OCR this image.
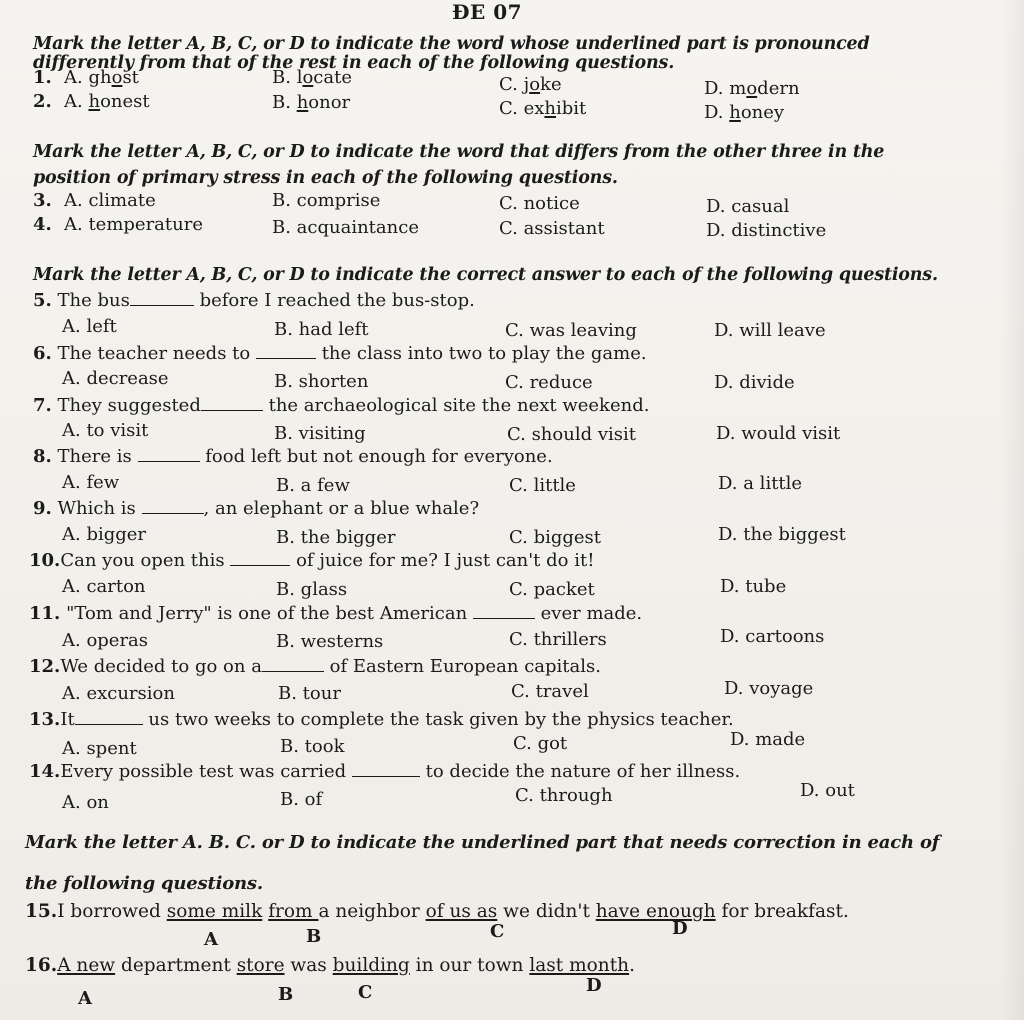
ĐE 07
Mark the letter A, B, C, or D to indicate the word whose underlined part is pronounced
differently from that of the rest in each of the following questions.
1. A. ghost	B. locate	C. joke	D. modern
2. A. honest	B. honor	C. exhibit	D. honey
Mark the letter A, B, C, or D to indicate the word that differs from the other three in the
position of primary stress in each of the following questions.
3. A. climate	B. comprise	C. notice	D. casual
4. A. temperature	B. acquaintance	C. assistant	D. distinctive
Mark the letter A, B, C, or D to indicate the correct answer to each of the following questions.
5. The bus	before I reached the bus-stop.
A. left	B. had left	C. was leaving	D. will leave
6. The teacher needs to	the class into two to play the game.
A. decrease	B. shorten	C. reduce	D. divide
7. They suggested	the archaeological site the next weekend.
A. to visit	B. visiting	C. should visit	D. would visit
8. There is	food left but not enough for everyone.
A. few	B. a few	C. little	D. a little
9. Which is	, an elephant or a blue whale?
A. bigger	B. the bigger	C. biggest	D. the biggest
10.Can you open this	of juice for me? I just can't do it!
A. carton	B. glass	C. packet	D. tube
11. "Tom and Jerry" is one of the best American	ever made.
A. operas	B. westerns	C. thrillers	D. cartoons
12.We decided to go on a	of Eastern European capitals.
A. excursion	B. tour	C. travel	D. voyage
13.It	us two weeks to complete the task given by the physics teacher.
A. spent	B. took	C. got	D. made
14.Every possible test was carried	to decide the nature of her illness.
A. on	B. of	C. through	D. out
Mark the letter A. B. C. or D to indicate the underlined part that needs correction in each of
the following questions.
15.I borrowed some milk from a neighbor of us as we didn't have enough for breakfast.
A	B	C	D
16.A new department store was building in our town last month.
A	B	C	D
